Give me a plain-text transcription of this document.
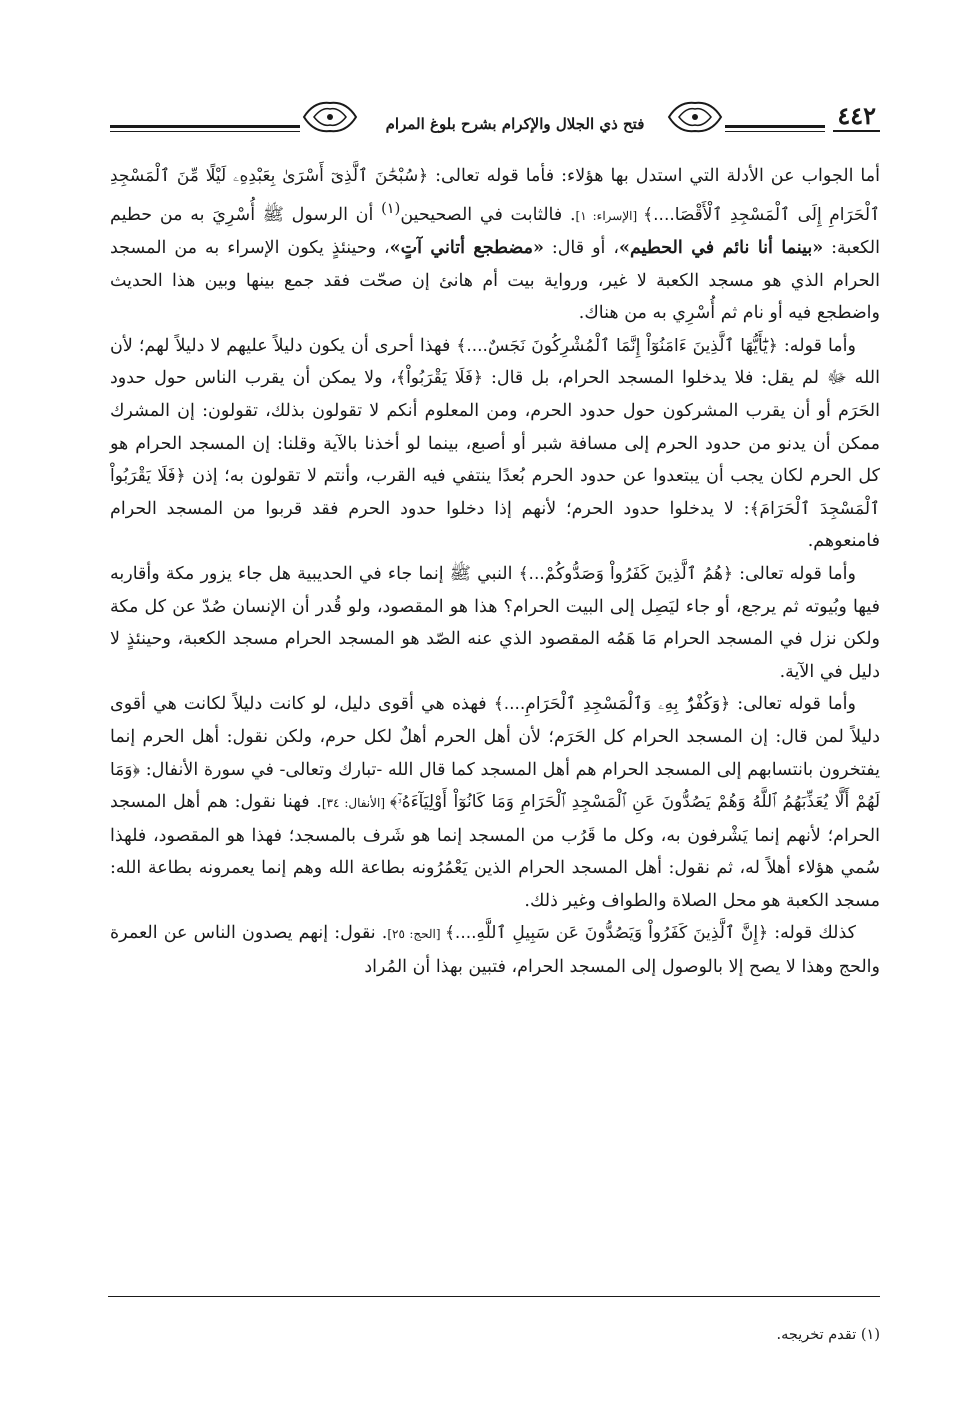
فتح ذي الجلال والإكرام بشرح بلوغ المرام	٤٤٢

أما الجواب عن الأدلة التي استدل بها هؤلاء: فأما قوله تعالى: ﴿سُبْحَٰنَ ٱلَّذِىٓ أَسْرَىٰ بِعَبْدِهِۦ لَيْلًا مِّنَ ٱلْمَسْجِدِ ٱلْحَرَامِ إِلَى ٱلْمَسْجِدِ ٱلْأَقْصَا....﴾ [الإسراء: ١]. فالثابت في الصحيحين$^{(١)}$ أن الرسول ﷺ أُسْرِيَ به من حطيم الكعبة: «بينما أنا نائم في الحطيم»، أو قال: «مضطجع أتاني آتٍ»، وحينئذٍ يكون الإسراء به من المسجد الحرام الذي هو مسجد الكعبة لا غير، ورواية بيت أم هانئ إن صحّت فقد جمع بينها وبين هذا الحديث واضطجع فيه أو نام ثم أُسْرِي به من هناك.

وأما قوله: ﴿يَٰٓأَيُّهَا ٱلَّذِينَ ءَامَنُوٓاْ إِنَّمَا ٱلْمُشْرِكُونَ نَجَسٌ....﴾ فهذا أحرى أن يكون دليلاً عليهم لا دليلاً لهم؛ لأن الله ﷻ لم يقل: فلا يدخلوا المسجد الحرام، بل قال: ﴿فَلَا يَقْرَبُواْ﴾، ولا يمكن أن يقرب الناس حول حدود الحَرَم أو أن يقرب المشركون حول حدود الحرم، ومن المعلوم أنكم لا تقولون بذلك، تقولون: إن المشرك ممكن أن يدنو من حدود الحرم إلى مسافة شبر أو أصبع، بينما لو أخذنا بالآية وقلنا: إن المسجد الحرام هو كل الحرم لكان يجب أن يبتعدوا عن حدود الحرم بُعدًا ينتفي فيه القرب، وأنتم لا تقولون به؛ إذن ﴿فَلَا يَقْرَبُواْ ٱلْمَسْجِدَ ٱلْحَرَامَ﴾: لا يدخلوا حدود الحرم؛ لأنهم إذا دخلوا حدود الحرم فقد قربوا من المسجد الحرام فامنعوهم.

وأما قوله تعالى: ﴿هُمُ ٱلَّذِينَ كَفَرُواْ وَصَدُّوكُمْ...﴾ النبي ﷺ إنما جاء في الحديبية هل جاء يزور مكة وأقاربه فيها وبُيوته ثم يرجع، أو جاء ليَصِل إلى البيت الحرام؟ هذا هو المقصود، ولو قُدر أن الإنسان صُدّ عن كل مكة ولكن نزل في المسجد الحرام مَا هَمُه المقصود الذي عنه الصّد هو المسجد الحرام مسجد الكعبة، وحينئذٍ لا دليل في الآية.

وأما قوله تعالى: ﴿وَكُفْرٌۢ بِهِۦ وَٱلْمَسْجِدِ ٱلْحَرَامِ....﴾ فهذه هي أقوى دليل، لو كانت دليلاً لكانت هي أقوى دليلاً لمن قال: إن المسجد الحرام كل الحَرَم؛ لأن أهل الحرم أهلٌ لكل حرم، ولكن نقول: أهل الحرم إنما يفتخرون بانتسابهم إلى المسجد الحرام هم أهل المسجد كما قال الله -تبارك وتعالى- في سورة الأنفال: ﴿وَمَا لَهُمْ أَلَّا يُعَذِّبَهُمُ ٱللَّهُ وَهُمْ يَصُدُّونَ عَنِ ٱلْمَسْجِدِ ٱلْحَرَامِ وَمَا كَانُوٓاْ أَوْلِيَآءَهُۥٓ﴾ [الأنفال: ٣٤]. فهنا نقول: هم أهل المسجد الحرام؛ لأنهم إنما يَشْرفون به، وكل ما قَرُب من المسجد إنما هو شَرف بالمسجد؛ فهذا هو المقصود، فلهذا سُمي هؤلاء أهلاً له، ثم نقول: أهل المسجد الحرام الذين يَعْمُرُونه بطاعة الله وهم إنما يعمرونه بطاعة الله: مسجد الكعبة هو محل الصلاة والطواف وغير ذلك.

كذلك قوله: ﴿إِنَّ ٱلَّذِينَ كَفَرُواْ وَيَصُدُّونَ عَن سَبِيلِ ٱللَّهِ....﴾ [الحج: ٢٥]. نقول: إنهم يصدون الناس عن العمرة والحج وهذا لا يصح إلا بالوصول إلى المسجد الحرام، فتبين بهذا أن المُراد

(١) تقدم تخريجه.
